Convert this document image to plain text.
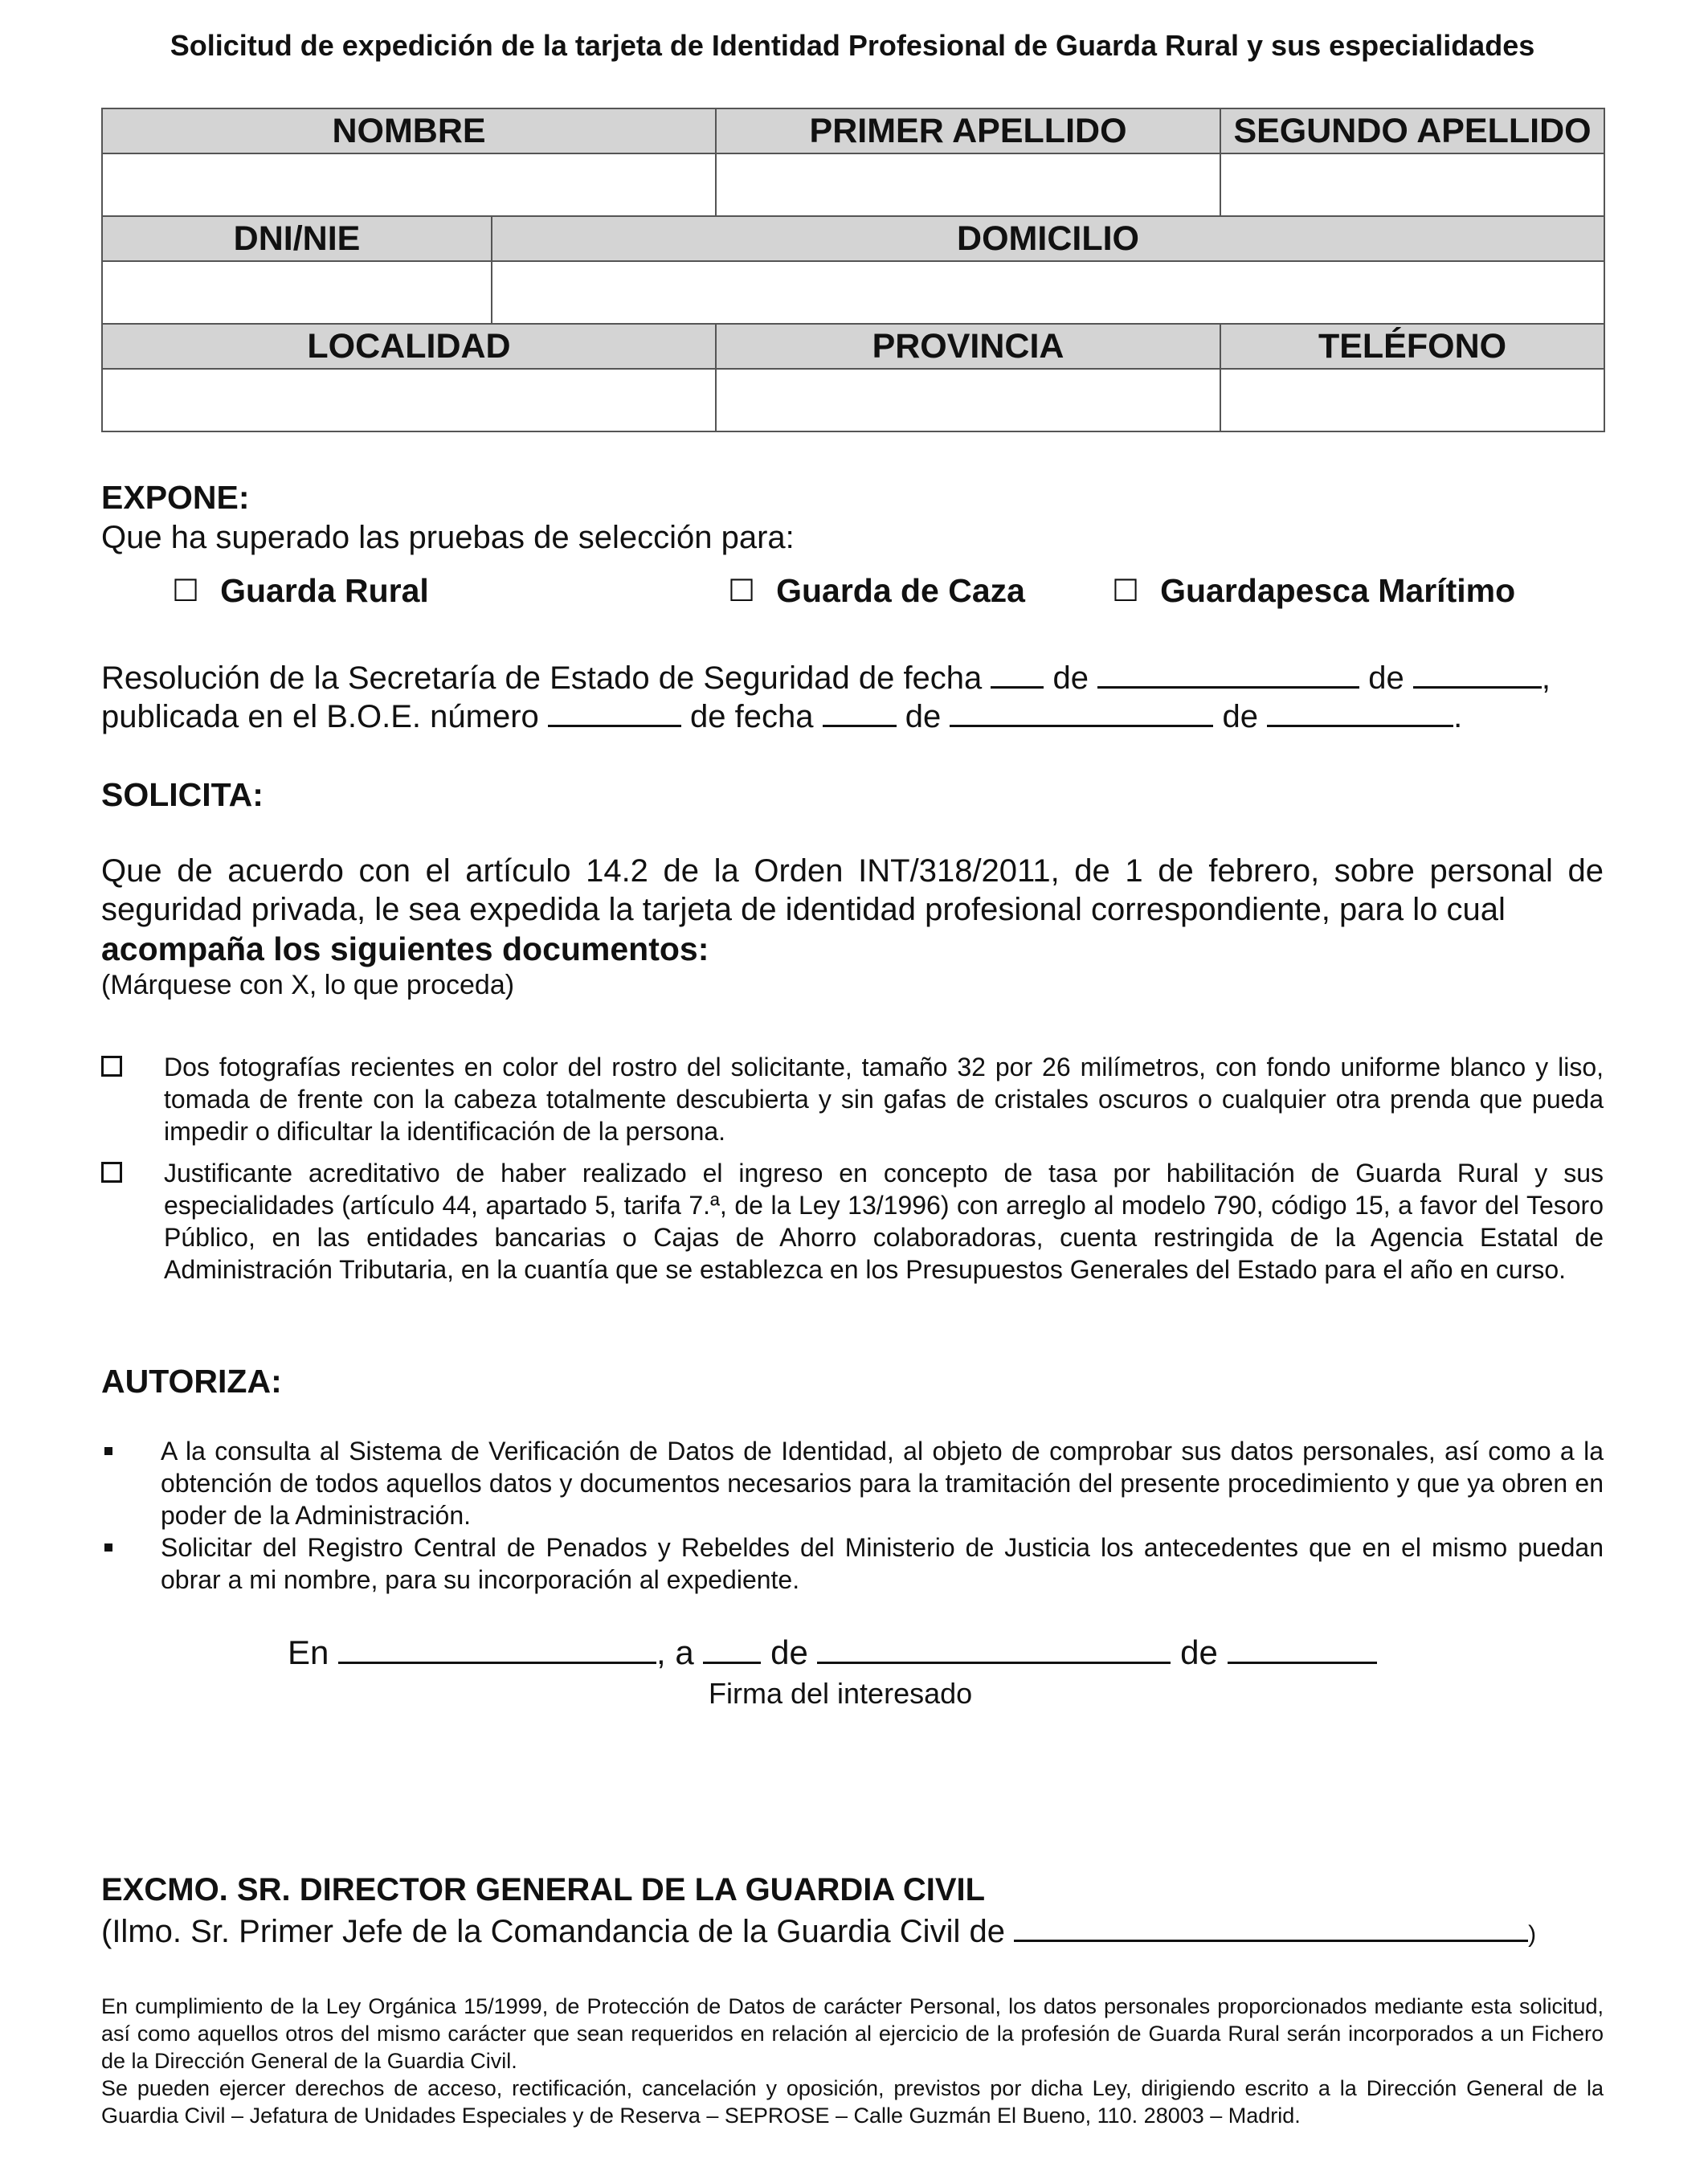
Solicitud de expedición de la tarjeta de Identidad Profesional de Guarda Rural y sus especialidades
NOMBRE		PRIMER APELLIDO	SEGUNDO APELLIDO

DNI/NIE	DOMICILIO		

LOCALIDAD		PROVINCIA	TELÉFONO

EXPONE:
Que ha superado las pruebas de selección para:
☐ Guarda Rural	☐ Guarda de Caza	☐ Guardapesca Marítimo
Resolución de la Secretaría de Estado de Seguridad de fecha de	de	,
publicada en el B.O.E. número	de fecha	de	de	.
SOLICITA:
Que de acuerdo con el artículo 14.2 de la Orden INT/318/2011, de 1 de febrero, sobre personal de seguridad privada, le sea expedida la tarjeta de identidad profesional correspondiente, para lo cual
acompaña los siguientes documentos:
(Márquese con X, lo que proceda)
Dos fotografías recientes en color del rostro del solicitante, tamaño 32 por 26 milímetros, con fondo uniforme blanco y liso, tomada de frente con la cabeza totalmente descubierta y sin gafas de cristales oscuros o cualquier otra prenda que pueda impedir o dificultar la identificación de la persona.
Justificante acreditativo de haber realizado el ingreso en concepto de tasa por habilitación de Guarda Rural y sus especialidades (artículo 44, apartado 5, tarifa 7.ª, de la Ley 13/1996) con arreglo al modelo 790, código 15, a favor del Tesoro Público, en las entidades bancarias o Cajas de Ahorro colaboradoras, cuenta restringida de la Agencia Estatal de Administración Tributaria, en la cuantía que se establezca en los Presupuestos Generales del Estado para el año en curso.
AUTORIZA:
A la consulta al Sistema de Verificación de Datos de Identidad, al objeto de comprobar sus datos personales, así como a la obtención de todos aquellos datos y documentos necesarios para la tramitación del presente procedimiento y que ya obren en poder de la Administración.
Solicitar del Registro Central de Penados y Rebeldes del Ministerio de Justicia los antecedentes que en el mismo puedan obrar a mi nombre, para su incorporación al expediente.
En	, a de	de
Firma del interesado
EXCMO. SR. DIRECTOR GENERAL DE LA GUARDIA CIVIL
(Ilmo. Sr. Primer Jefe de la Comandancia de la Guardia Civil de	)
En cumplimiento de la Ley Orgánica 15/1999, de Protección de Datos de carácter Personal, los datos personales proporcionados mediante esta solicitud, así como aquellos otros del mismo carácter que sean requeridos en relación al ejercicio de la profesión de Guarda Rural serán incorporados a un Fichero de la Dirección General de la Guardia Civil.
Se pueden ejercer derechos de acceso, rectificación, cancelación y oposición, previstos por dicha Ley, dirigiendo escrito a la Dirección General de la Guardia Civil – Jefatura de Unidades Especiales y de Reserva – SEPROSE – Calle Guzmán El Bueno, 110. 28003 – Madrid.
